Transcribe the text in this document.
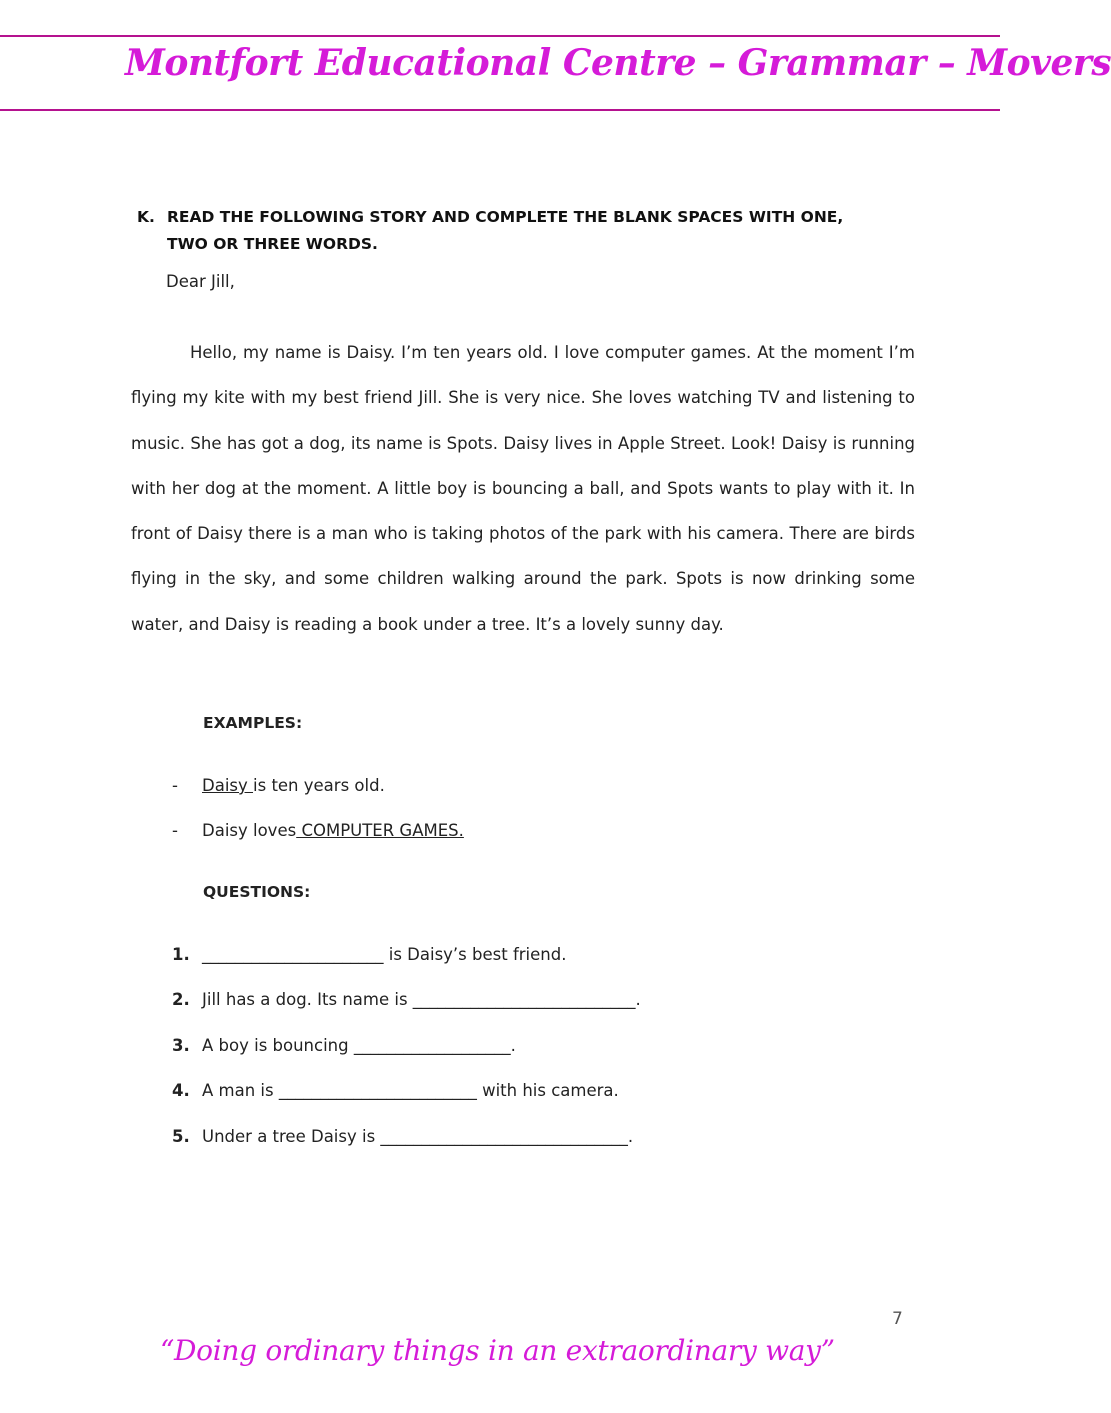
Montfort Educational Centre – Grammar – Movers
K. READ THE FOLLOWING STORY AND COMPLETE THE BLANK SPACES WITH ONE,
TWO OR THREE WORDS.
Dear Jill,

Hello, my name is Daisy. I’m ten years old. I love computer games. At the moment I’m flying my kite with my best friend Jill. She is very nice. She loves watching TV and listening to music. She has got a dog, its name is Spots. Daisy lives in Apple Street. Look! Daisy is running with her dog at the moment. A little boy is bouncing a ball, and Spots wants to play with it. In front of Daisy there is a man who is taking photos of the park with his camera. There are birds flying in the sky, and some children walking around the park. Spots is now drinking some water, and Daisy is reading a book under a tree. It’s a lovely sunny day.

EXAMPLES:
- Daisy is ten years old.
- Daisy loves COMPUTER GAMES.
QUESTIONS:
1. ______________________ is Daisy’s best friend.
2. Jill has a dog. Its name is ___________________________.
3. A boy is bouncing ___________________.
4. A man is ________________________ with his camera.
5. Under a tree Daisy is ______________________________.
7
“Doing ordinary things in an extraordinary way”
